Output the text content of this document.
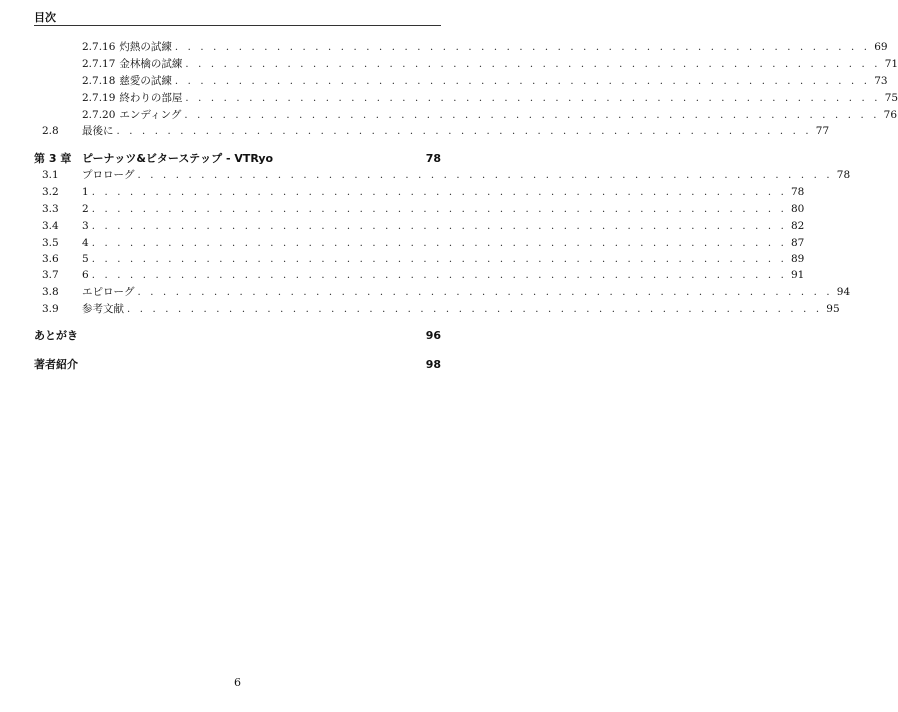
目次
2.7.16 灼熱の試練 . . . . . . . . . . . . . . . . . . . . . . . . . . . . . . . . . . . . . . . . . . . . . . . . . . . . . . . 69
2.7.17 金林檎の試練 . . . . . . . . . . . . . . . . . . . . . . . . . . . . . . . . . . . . . . . . . . . . . . . . . . . . . . . 71
2.7.18 慈愛の試練 . . . . . . . . . . . . . . . . . . . . . . . . . . . . . . . . . . . . . . . . . . . . . . . . . . . . . . . 73
2.7.19 終わりの部屋 . . . . . . . . . . . . . . . . . . . . . . . . . . . . . . . . . . . . . . . . . . . . . . . . . . . . . . . 75
2.7.20 エンディング . . . . . . . . . . . . . . . . . . . . . . . . . . . . . . . . . . . . . . . . . . . . . . . . . . . . . . . 76
2.8	最後に . . . . . . . . . . . . . . . . . . . . . . . . . . . . . . . . . . . . . . . . . . . . . . . . . . . . . . . 77
第 3 章 ピーナッツ&ビターステップ - VTRyo	78
3.1	プロローグ . . . . . . . . . . . . . . . . . . . . . . . . . . . . . . . . . . . . . . . . . . . . . . . . . . . . . . . 78
3.2	1 . . . . . . . . . . . . . . . . . . . . . . . . . . . . . . . . . . . . . . . . . . . . . . . . . . . . . . . 78
3.3	2 . . . . . . . . . . . . . . . . . . . . . . . . . . . . . . . . . . . . . . . . . . . . . . . . . . . . . . . 80
3.4	3 . . . . . . . . . . . . . . . . . . . . . . . . . . . . . . . . . . . . . . . . . . . . . . . . . . . . . . . 82
3.5	4 . . . . . . . . . . . . . . . . . . . . . . . . . . . . . . . . . . . . . . . . . . . . . . . . . . . . . . . 87
3.6	5 . . . . . . . . . . . . . . . . . . . . . . . . . . . . . . . . . . . . . . . . . . . . . . . . . . . . . . . 89
3.7	6 . . . . . . . . . . . . . . . . . . . . . . . . . . . . . . . . . . . . . . . . . . . . . . . . . . . . . . . 91
3.8	エピローグ . . . . . . . . . . . . . . . . . . . . . . . . . . . . . . . . . . . . . . . . . . . . . . . . . . . . . . . 94
3.9	参考文献 . . . . . . . . . . . . . . . . . . . . . . . . . . . . . . . . . . . . . . . . . . . . . . . . . . . . . . . 95
あとがき	96
著者紹介	98
6
